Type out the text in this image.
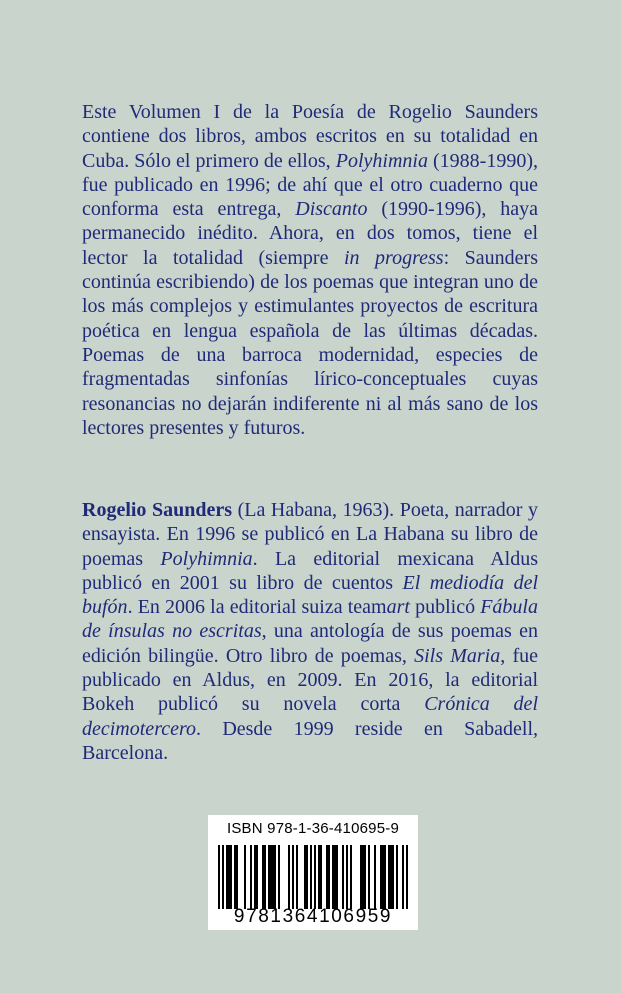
Este Volumen I de la Poesía de Rogelio Saunders contiene dos libros, ambos escritos en su totalidad en Cuba. Sólo el primero de ellos, Polyhimnia (1988-1990), fue publicado en 1996; de ahí que el otro cuaderno que conforma esta entrega, Discanto (1990-1996), haya permanecido inédito. Ahora, en dos tomos, tiene el lector la totalidad (siempre in progress: Saunders continúa escribiendo) de los poemas que integran uno de los más complejos y estimulantes proyectos de escritura poética en lengua española de las últimas décadas. Poemas de una barroca modernidad, especies de fragmentadas sinfonías lírico-conceptuales cuyas resonancias no dejarán indiferente ni al más sano de los lectores presentes y futuros.
Rogelio Saunders (La Habana, 1963). Poeta, narrador y ensayista. En 1996 se publicó en La Habana su libro de poemas Polyhimnia. La editorial mexicana Aldus publicó en 2001 su libro de cuentos El mediodía del bufón. En 2006 la editorial suiza teamart publicó Fábula de ínsulas no escritas, una antología de sus poemas en edición bilingüe. Otro libro de poemas, Sils Maria, fue publicado en Aldus, en 2009. En 2016, la editorial Bokeh publicó su novela corta Crónica del decimotercero. Desde 1999 reside en Sabadell, Barcelona.
ISBN 978-1-36-410695-9
9781364106959
